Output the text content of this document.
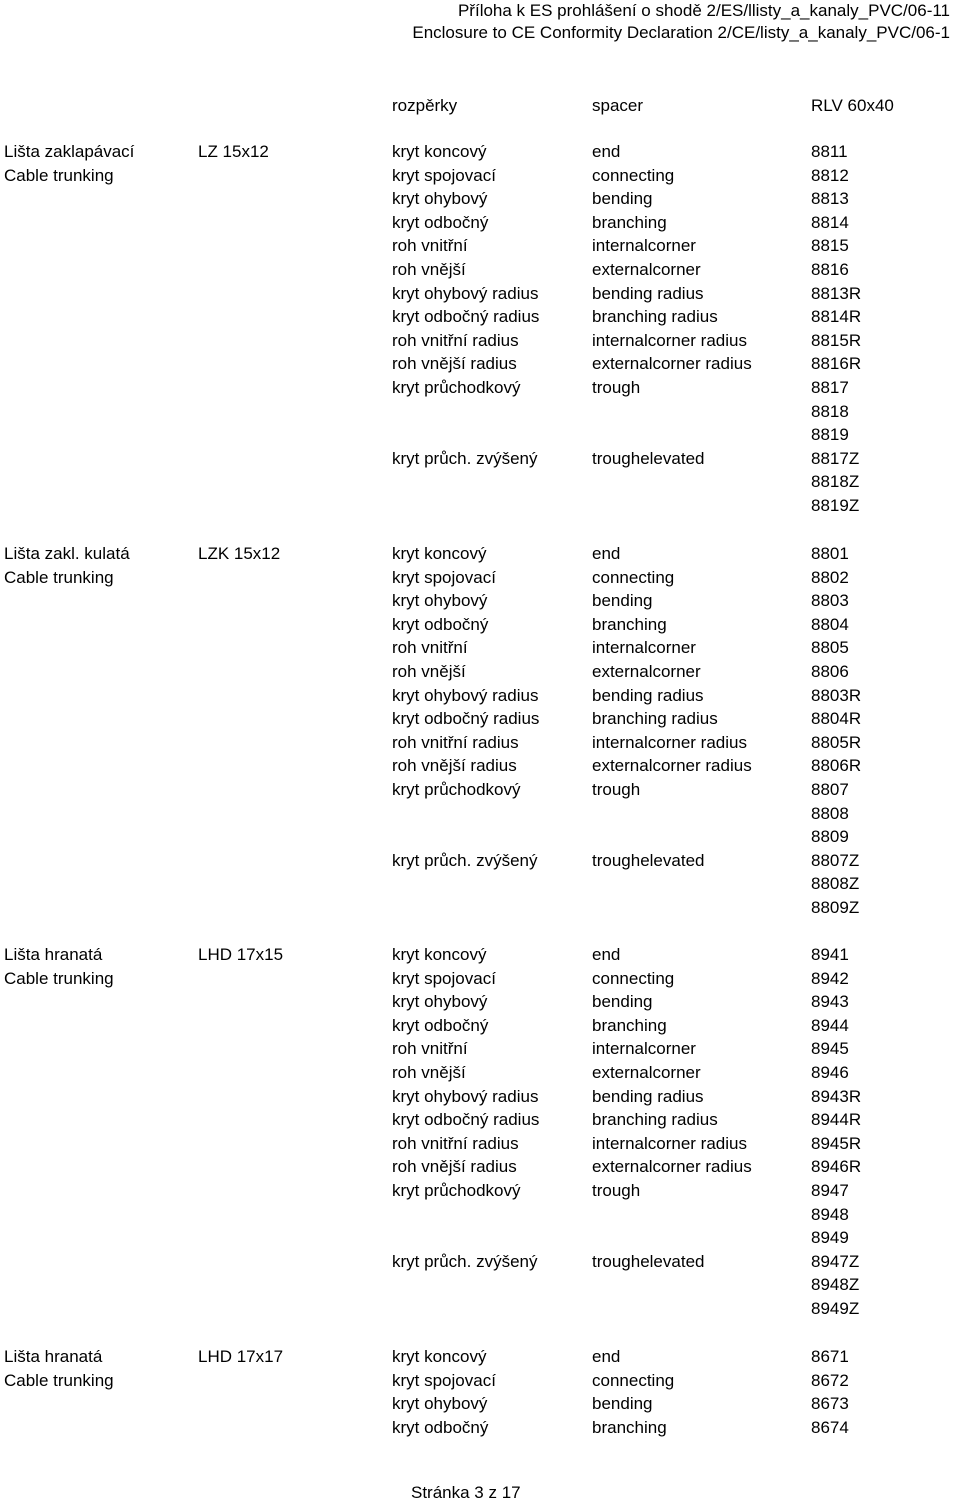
Příloha k ES prohlášení o shodě 2/ES/llisty_a_kanaly_PVC/06-11
Enclosure to CE Conformity Declaration 2/CE/listy_a_kanaly_PVC/06-1
rozpěrky	spacer	RLV 60x40
Lišta zaklapávací	LZ 15x12	kryt koncový	end	8811
Cable trunking	kryt spojovací	connecting	8812
kryt ohybový	bending	8813
kryt odbočný	branching	8814
roh vnitřní	internalcorner	8815
roh vnější	externalcorner	8816
kryt ohybový radius	bending radius	8813R
kryt odbočný radius	branching radius	8814R
roh vnitřní radius	internalcorner radius	8815R
roh vnější radius	externalcorner radius	8816R
kryt průchodkový	trough	8817
8818
8819
kryt průch. zvýšený	troughelevated	8817Z
8818Z
8819Z
Lišta zakl. kulatá	LZK 15x12	kryt koncový	end	8801
Cable trunking	kryt spojovací	connecting	8802
kryt ohybový	bending	8803
kryt odbočný	branching	8804
roh vnitřní	internalcorner	8805
roh vnější	externalcorner	8806
kryt ohybový radius	bending radius	8803R
kryt odbočný radius	branching radius	8804R
roh vnitřní radius	internalcorner radius	8805R
roh vnější radius	externalcorner radius	8806R
kryt průchodkový	trough	8807
8808
8809
kryt průch. zvýšený	troughelevated	8807Z
8808Z
8809Z
Lišta hranatá	LHD 17x15	kryt koncový	end	8941
Cable trunking	kryt spojovací	connecting	8942
kryt ohybový	bending	8943
kryt odbočný	branching	8944
roh vnitřní	internalcorner	8945
roh vnější	externalcorner	8946
kryt ohybový radius	bending radius	8943R
kryt odbočný radius	branching radius	8944R
roh vnitřní radius	internalcorner radius	8945R
roh vnější radius	externalcorner radius	8946R
kryt průchodkový	trough	8947
8948
8949
kryt průch. zvýšený	troughelevated	8947Z
8948Z
8949Z
Lišta hranatá	LHD 17x17	kryt koncový	end	8671
Cable trunking	kryt spojovací	connecting	8672
kryt ohybový	bending	8673
kryt odbočný	branching	8674
Stránka 3 z 17
